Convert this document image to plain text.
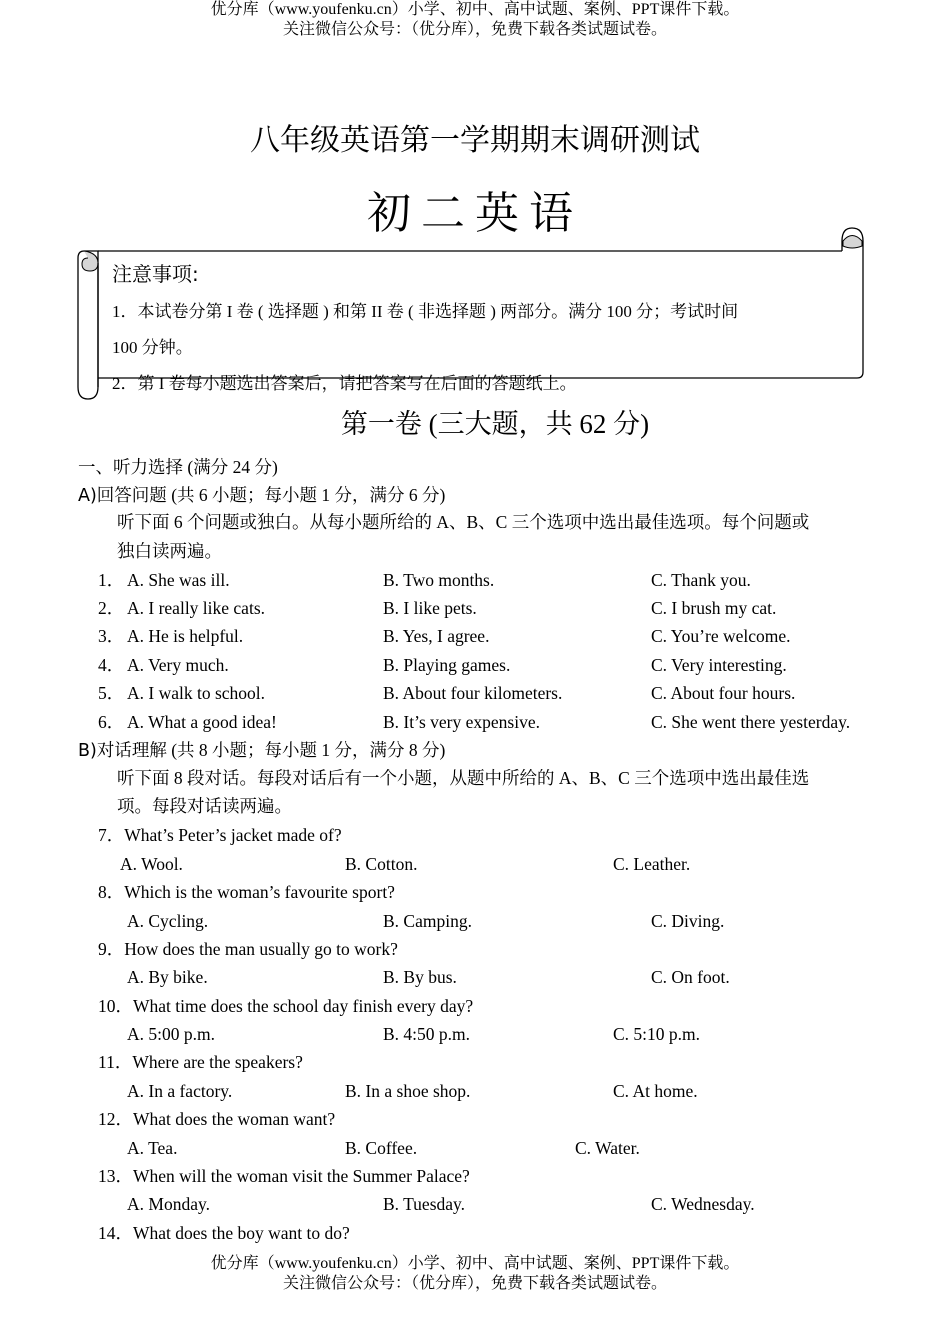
优分库（www.youfenku.cn）小学、初中、高中试题、案例、PPT课件下载。
关注微信公众号：（优分库），免费下载各类试题试卷。
八年级英语第一学期期末调研测试
初二英语
注意事项:
1．本试卷分第 I 卷 ( 选择题 ) 和第 II 卷 ( 非选择题 ) 两部分。满分 100 分；考试时间
100 分钟。
2．第 I 卷每小题选出答案后，请把答案写在后面的答题纸上。
第一卷 (三大题，共 62 分)
一、听力选择 (满分 24 分)
A)回答问题 (共 6 小题；每小题 1 分，满分 6 分)
听下面 6 个问题或独白。从每小题所给的 A、B、C 三个选项中选出最佳选项。每个问题或
独白读两遍。
1． A. She was ill.	B. Two months.	C. Thank you.
2． A. I really like cats.	B. I like pets.	C. I brush my cat.
3． A. He is helpful.	B. Yes, I agree.	C. You’re welcome.
4． A. Very much.	B. Playing games.	C. Very interesting.
5． A. I walk to school.	B. About four kilometers.	C. About four hours.
6． A. What a good idea!	B. It’s very expensive.	C. She went there yesterday.
B)对话理解 (共 8 小题；每小题 1 分，满分 8 分)
听下面 8 段对话。每段对话后有一个小题，从题中所给的 A、B、C 三个选项中选出最佳选
项。每段对话读两遍。
7．What’s Peter’s jacket made of?
A. Wool.	B. Cotton.	C. Leather.
8．Which is the woman’s favourite sport?
A. Cycling.	B. Camping.	C. Diving.
9．How does the man usually go to work?
A. By bike.	B. By bus.	C. On foot.
10．What time does the school day finish every day?
A. 5:00 p.m.	B. 4:50 p.m.	C. 5:10 p.m.
11．Where are the speakers?
A. In a factory.	B. In a shoe shop.	C. At home.
12．What does the woman want?
A. Tea.	B. Coffee.	C. Water.
13．When will the woman visit the Summer Palace?
A. Monday.	B. Tuesday.	C. Wednesday.
14．What does the boy want to do?
优分库（www.youfenku.cn）小学、初中、高中试题、案例、PPT课件下载。
关注微信公众号：（优分库），免费下载各类试题试卷。
